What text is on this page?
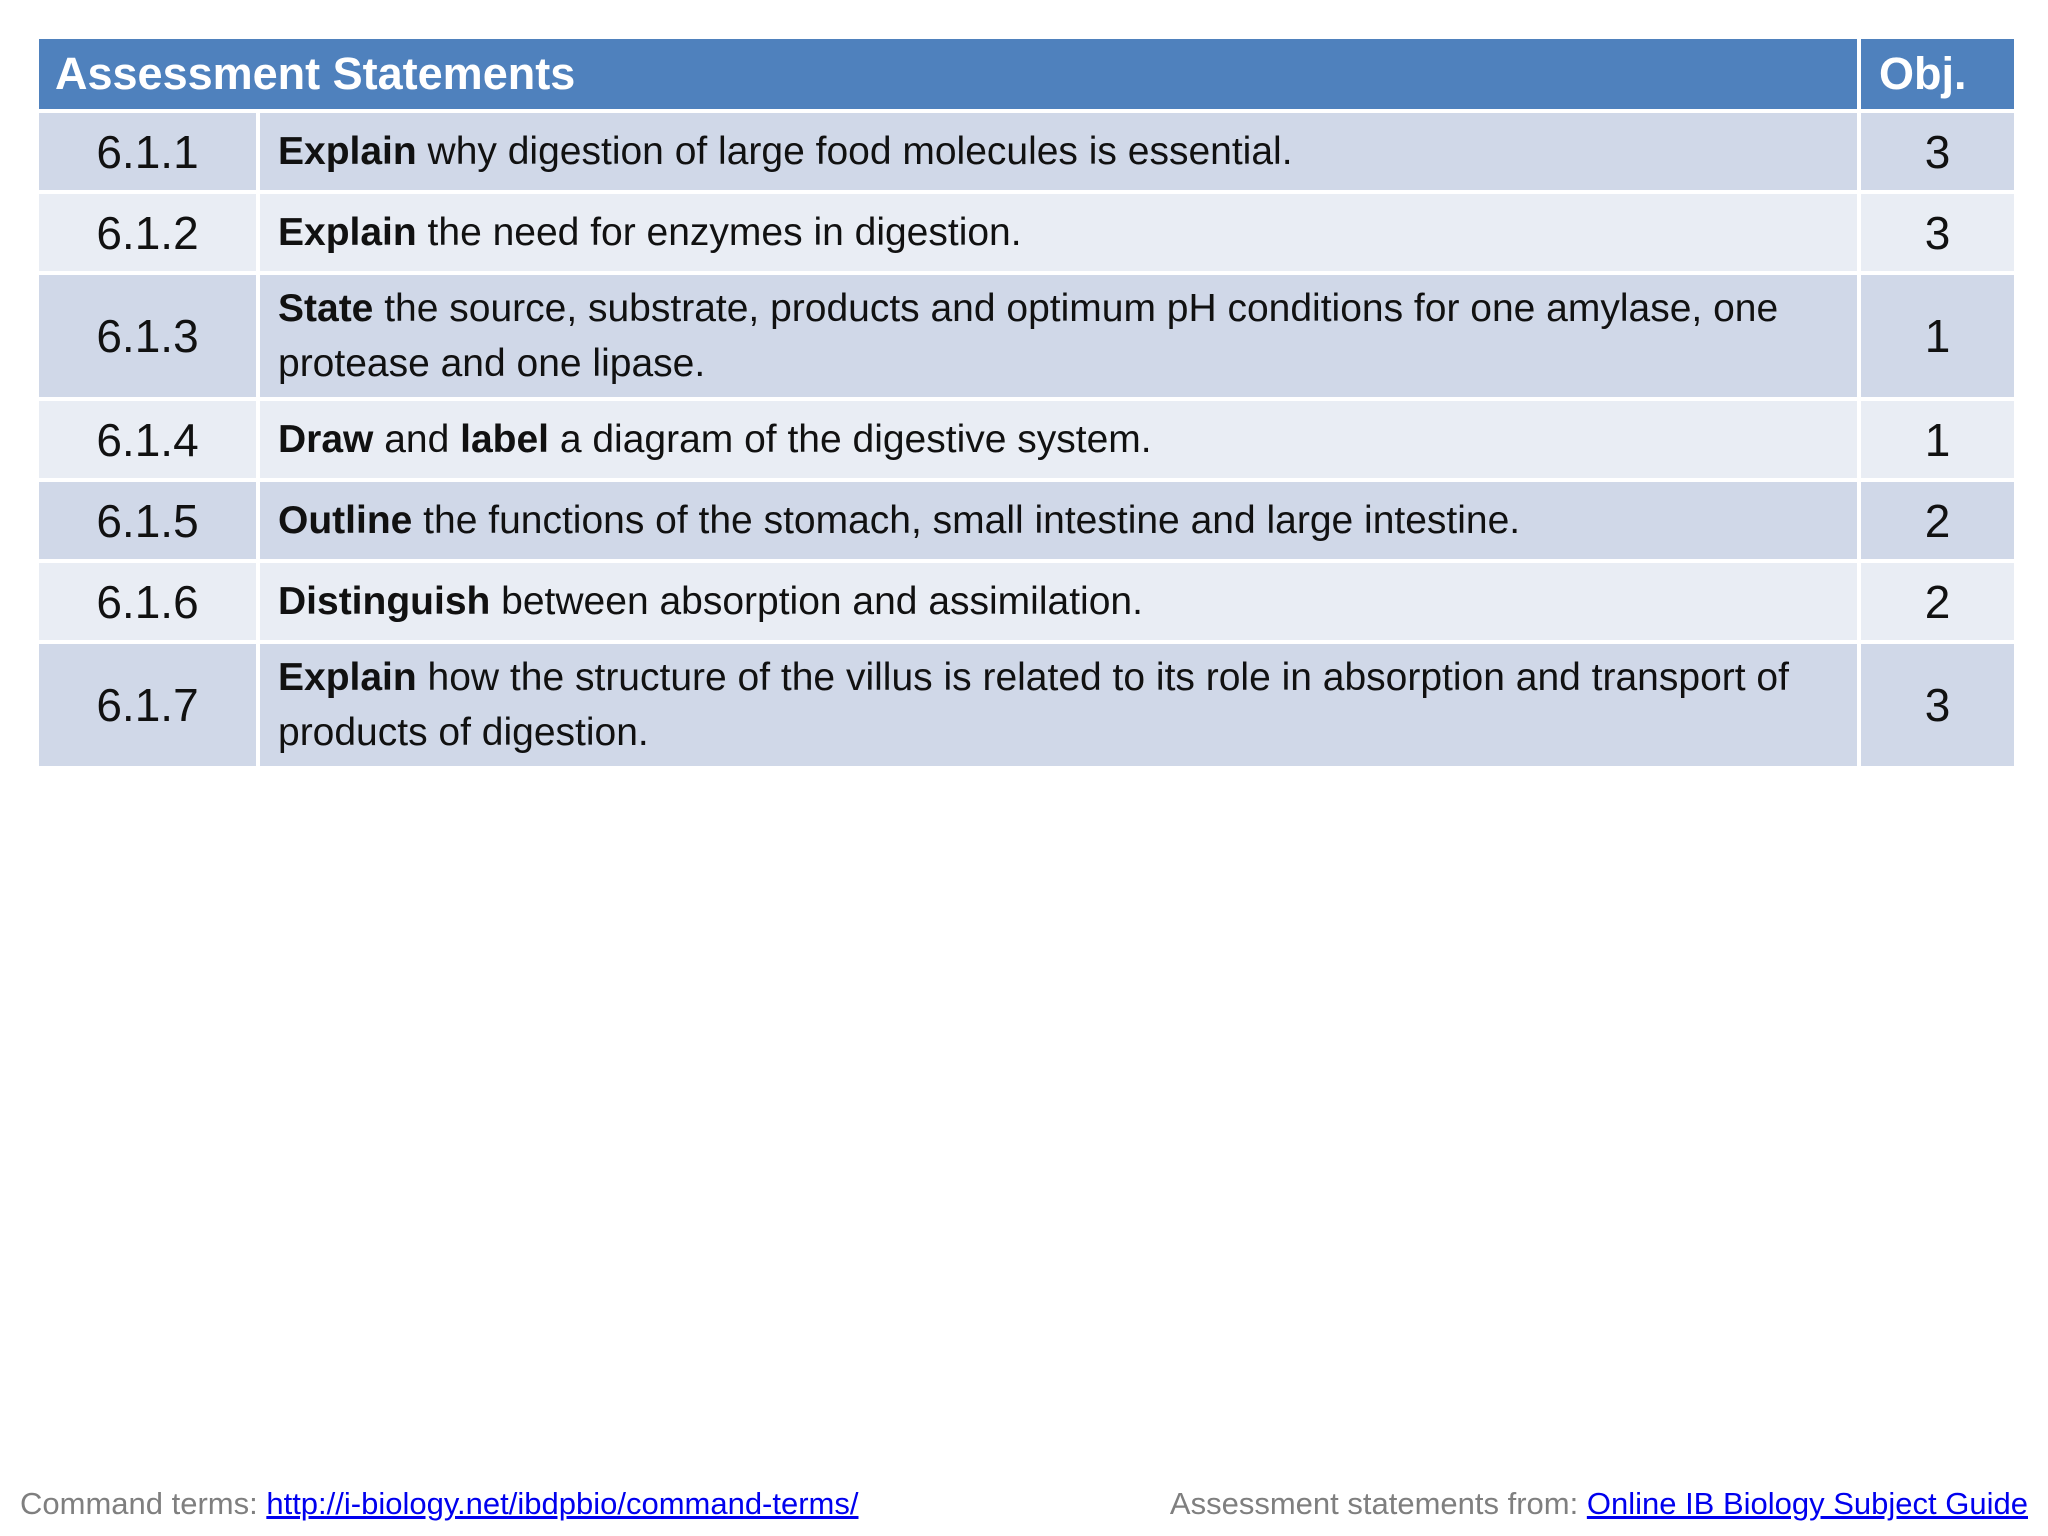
Assessment Statements		Obj.
6.1.1	Explain why digestion of large food molecules is essential.	3
6.1.2	Explain the need for enzymes in digestion.	3
6.1.3	State the source, substrate, products and optimum pH conditions for one amylase, one protease and one lipase.	1
6.1.4	Draw and label a diagram of the digestive system.	1
6.1.5	Outline the functions of the stomach, small intestine and large intestine.	2
6.1.6	Distinguish between absorption and assimilation.	2
6.1.7	Explain how the structure of the villus is related to its role in absorption and transport of products of digestion.	3
Command terms: http://i-biology.net/ibdpbio/command-terms/	Assessment statements from: Online IB Biology Subject Guide
